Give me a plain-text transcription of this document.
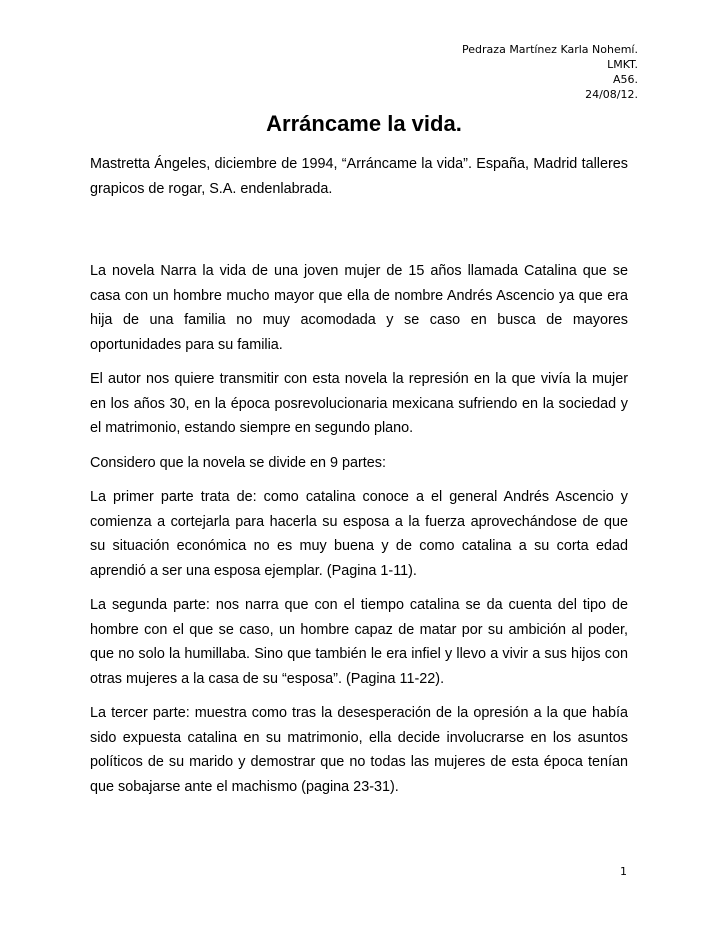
Pedraza Martínez Karla Nohemí.
LMKT.
A56.
24/08/12.
Arráncame la vida.

Mastretta Ángeles, diciembre de 1994, “Arráncame la vida”. España, Madrid talleres grapicos de rogar, S.A. endenlabrada.

La novela Narra la vida de una joven mujer de 15 años llamada Catalina que se casa con un hombre mucho mayor que ella de nombre Andrés Ascencio ya que era hija de una familia no muy acomodada y se caso en busca de mayores oportunidades para su familia.

El autor nos quiere transmitir con esta novela la represión en la que vivía la mujer en los años 30, en la época posrevolucionaria mexicana sufriendo en la sociedad y el matrimonio, estando siempre en segundo plano.

Considero que la novela se divide en 9 partes:

La primer parte trata de: como catalina conoce a el general Andrés Ascencio y comienza a cortejarla para hacerla su esposa a la fuerza aprovechándose de que su situación económica no es muy buena y de como catalina a su corta edad aprendió a ser una esposa ejemplar. (Pagina 1-11).

La segunda parte: nos narra que con el tiempo catalina se da cuenta del tipo de hombre con el que se caso, un hombre capaz de matar por su ambición al poder, que no solo la humillaba. Sino que también le era infiel y llevo a vivir a sus hijos con otras mujeres a la casa de su “esposa”. (Pagina 11-22).

La tercer parte: muestra como tras la desesperación de la opresión a la que había sido expuesta catalina en su matrimonio, ella decide involucrarse en los asuntos políticos de su marido y demostrar que no todas las mujeres de esta época tenían que sobajarse ante el machismo (pagina 23-31).

1
